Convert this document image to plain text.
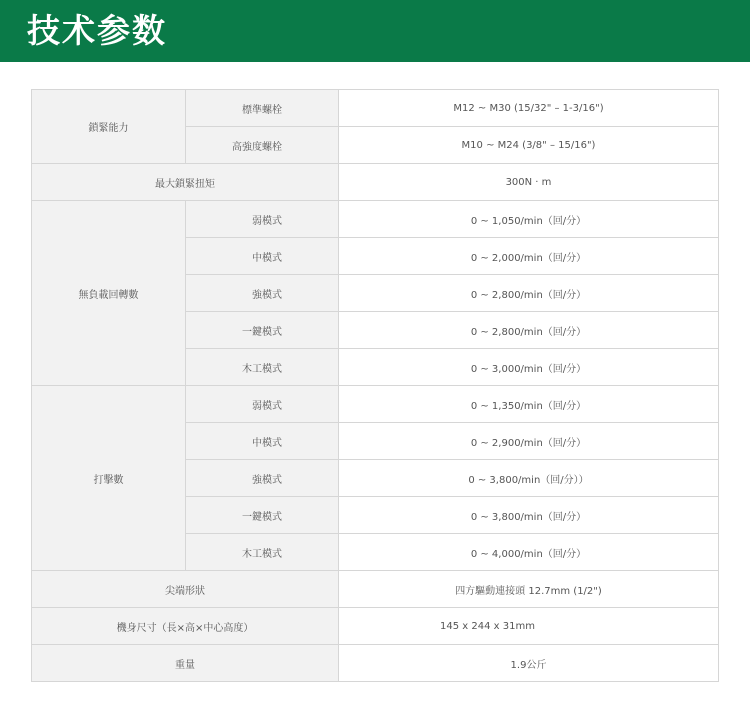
技术参数
鎖緊能力	標準螺栓	M12 ~ M30 (15/32" – 1-3/16")
	高強度螺栓	M10 ~ M24 (3/8" – 15/16")
最大鎖緊扭矩		300N · m
無負載回轉數	弱模式	0 ~ 1,050/min（回/分）
	中模式	0 ~ 2,000/min（回/分）
	強模式	0 ~ 2,800/min（回/分）
	一鍵模式	0 ~ 2,800/min（回/分）
	木工模式	0 ~ 3,000/min（回/分）
打擊數	弱模式	0 ~ 1,350/min（回/分）
	中模式	0 ~ 2,900/min（回/分）
	強模式	0 ~ 3,800/min（回/分））
	一鍵模式	0 ~ 3,800/min（回/分）
	木工模式	0 ~ 4,000/min（回/分）
尖端形狀		四方驅動連接頭 12.7mm (1/2")
機身尺寸（長×高×中心高度）		145 x 244 x 31mm
重量		1.9公斤
